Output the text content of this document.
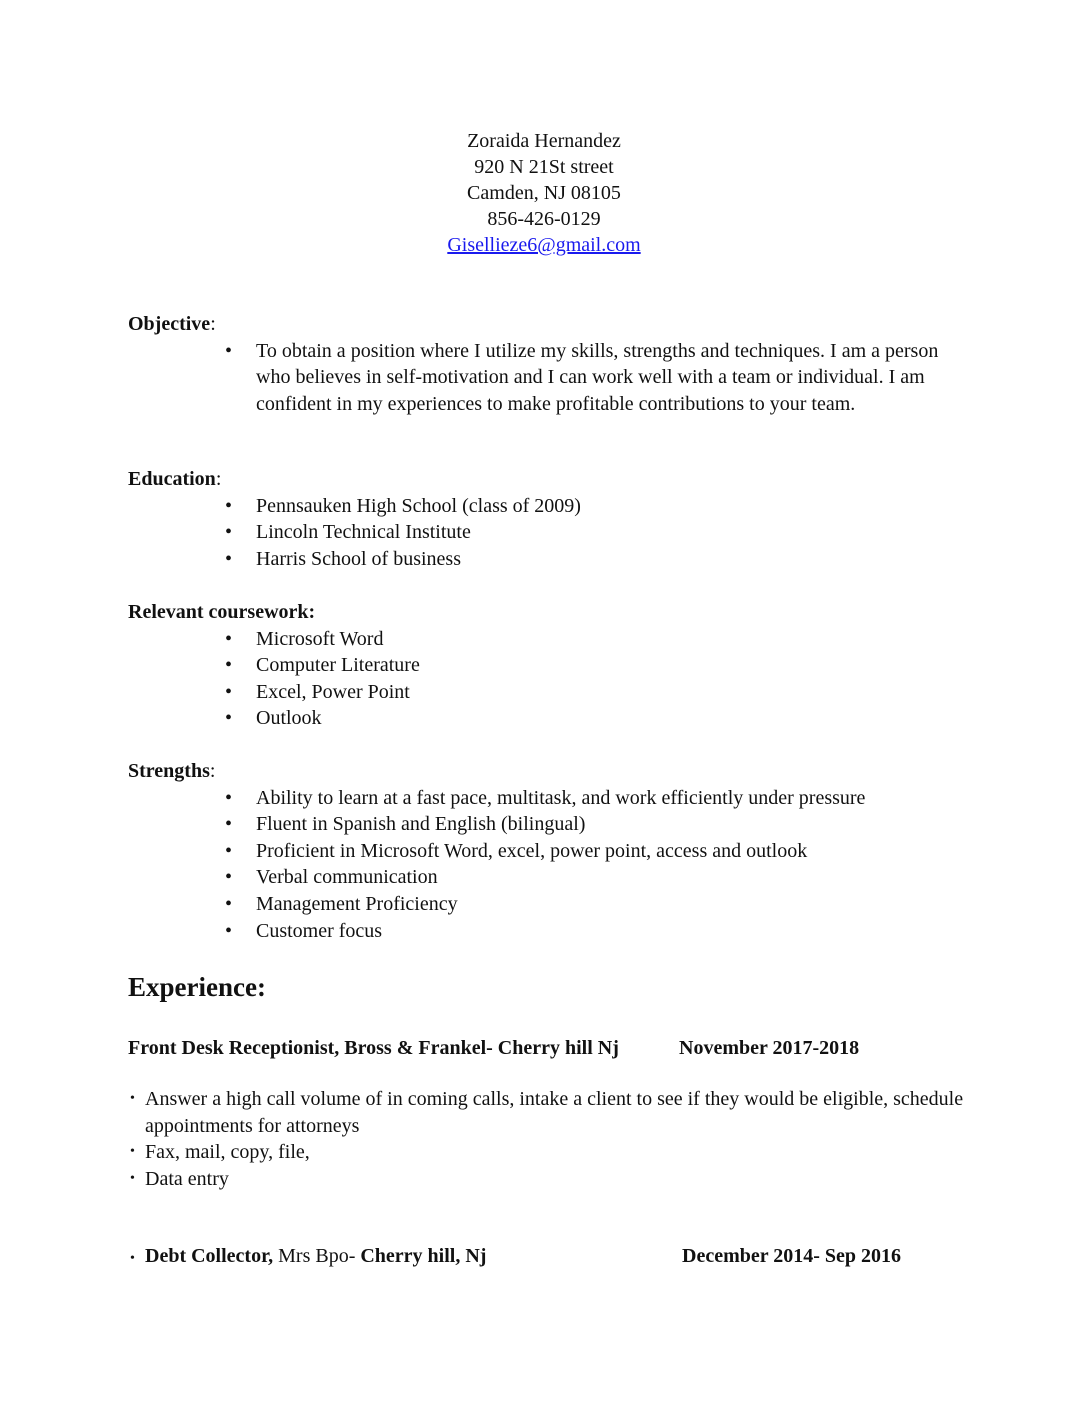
Zoraida Hernandez
920 N 21St street
Camden, NJ 08105
856-426-0129
Gisellieze6@gmail.com
Objective:
• To obtain a position where I utilize my skills, strengths and techniques. I am a person who believes in self-motivation and I can work well with a team or individual. I am confident in my experiences to make profitable contributions to your team.
Education:
• Pennsauken High School (class of 2009)
• Lincoln Technical Institute
• Harris School of business
Relevant coursework:
• Microsoft Word
• Computer Literature
• Excel, Power Point
• Outlook
Strengths:
• Ability to learn at a fast pace, multitask, and work efficiently under pressure
• Fluent in Spanish and English (bilingual)
• Proficient in Microsoft Word, excel, power point, access and outlook
• Verbal communication
• Management Proficiency
• Customer focus
Experience:
Front Desk Receptionist, Bross & Frankel- Cherry hill Nj	November 2017-2018
• Answer a high call volume of in coming calls, intake a client to see if they would be eligible, schedule appointments for attorneys
• Fax, mail, copy, file,
• Data entry
• Debt Collector, Mrs Bpo- Cherry hill, Nj	December 2014- Sep 2016
